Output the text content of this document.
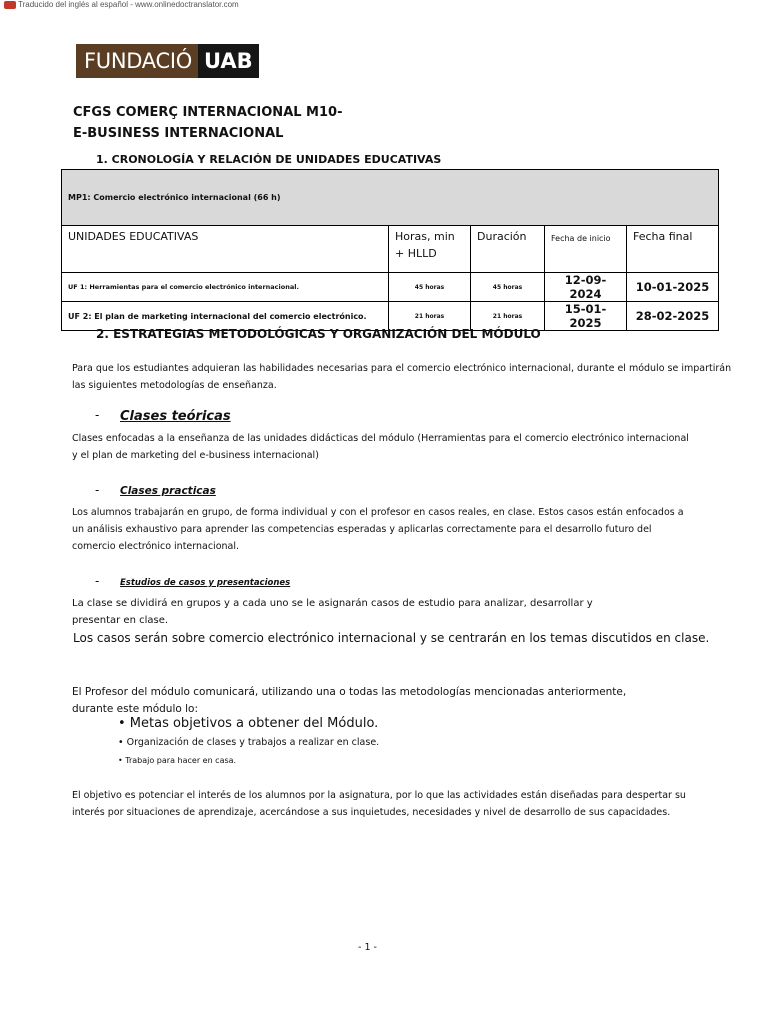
Traducido del inglés al español - www.onlinedoctranslator.com
FUNDACIÓ UAB
CFGS COMERÇ INTERNACIONAL M10-
E-BUSINESS INTERNACIONAL
1. CRONOLOGÍA Y RELACIÓN DE UNIDADES EDUCATIVAS
MP1: Comercio electrónico internacional (66 h)				
UNIDADES EDUCATIVAS	Horas, min
+ HLLD	Duración	Fecha de inicio	Fecha final
UF 1: Herramientas para el comercio electrónico internacional.	45 horas	45 horas	12-09-2024	10-01-2025
UF 2: El plan de marketing internacional del comercio electrónico.	21 horas	21 horas	15-01-2025	28-02-2025
2. ESTRATEGIAS METODOLÓGICAS Y ORGANIZACIÓN DEL MÓDULO
Para que los estudiantes adquieran las habilidades necesarias para el comercio electrónico internacional, durante el módulo se impartirán
las siguientes metodologías de enseñanza.
- Clases teóricas
Clases enfocadas a la enseñanza de las unidades didácticas del módulo (Herramientas para el comercio electrónico internacional
y el plan de marketing del e-business internacional)
- Clases practicas
Los alumnos trabajarán en grupo, de forma individual y con el profesor en casos reales, en clase. Estos casos están enfocados a
un análisis exhaustivo para aprender las competencias esperadas y aplicarlas correctamente para el desarrollo futuro del
comercio electrónico internacional.
- Estudios de casos y presentaciones
La clase se dividirá en grupos y a cada uno se le asignarán casos de estudio para analizar, desarrollar y
presentar en clase.
Los casos serán sobre comercio electrónico internacional y se centrarán en los temas discutidos en clase.
El Profesor del módulo comunicará, utilizando una o todas las metodologías mencionadas anteriormente,
durante este módulo lo:
• Metas objetivos a obtener del Módulo.
• Organización de clases y trabajos a realizar en clase.
• Trabajo para hacer en casa.
El objetivo es potenciar el interés de los alumnos por la asignatura, por lo que las actividades están diseñadas para despertar su
interés por situaciones de aprendizaje, acercándose a sus inquietudes, necesidades y nivel de desarrollo de sus capacidades.
- 1 -
